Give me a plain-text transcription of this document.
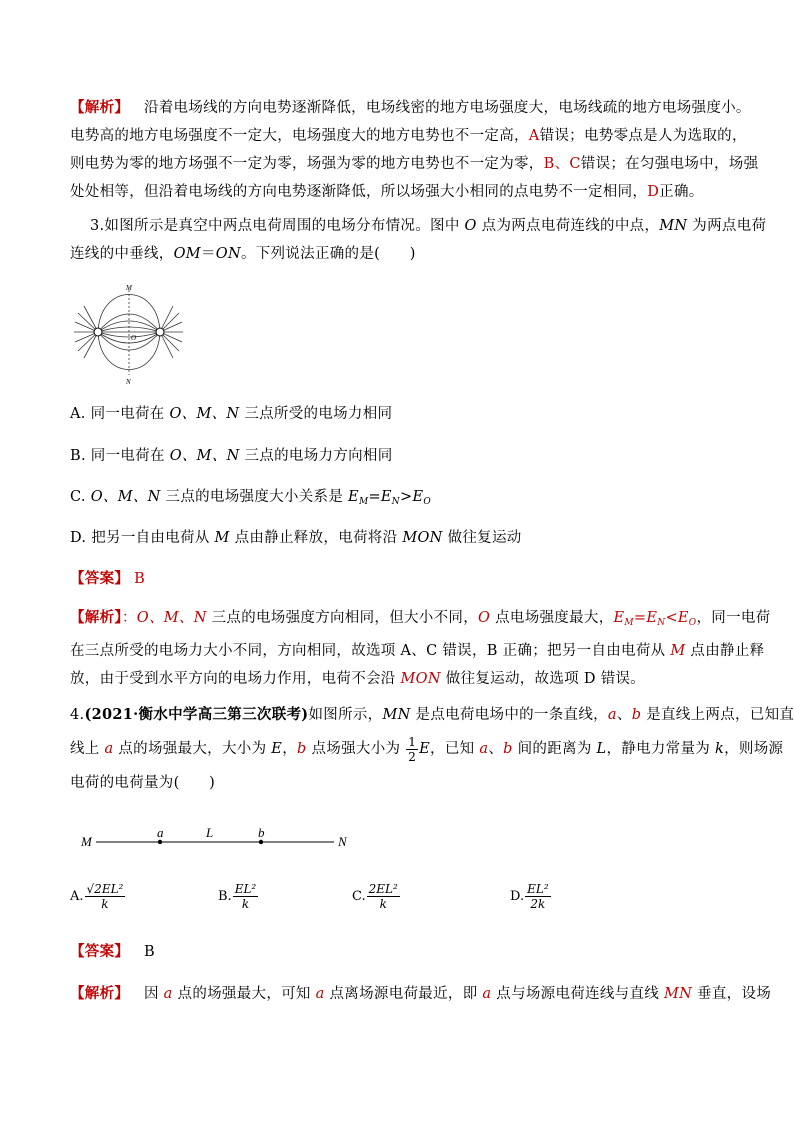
【解析】 沿着电场线的方向电势逐渐降低，电场线密的地方电场强度大，电场线疏的地方电场强度小。
电势高的地方电场强度不一定大，电场强度大的地方电势也不一定高，A错误；电势零点是人为选取的，
则电势为零的地方场强不一定为零，场强为零的地方电势也不一定为零，B、C错误；在匀强电场中，场强
处处相等，但沿着电场线的方向电势逐渐降低，所以场强大小相同的点电势不一定相同，D正确。
3.如图所示是真空中两点电荷周围的电场分布情况。图中 O 点为两点电荷连线的中点，MN 为两点电荷
连线的中垂线，OM＝ON。下列说法正确的是(　　)
M
O
N
A. 同一电荷在 O、M、N 三点所受的电场力相同
B. 同一电荷在 O、M、N 三点的电场力方向相同
C. O、M、N 三点的电场强度大小关系是 $E_M=E_N>E_O$
D. 把另一自由电荷从 M 点由静止释放，电荷将沿 MON 做往复运动
【答案】 B
【解析】：O、M、N 三点的电场强度方向相同，但大小不同，O 点电场强度最大，$E_M=E_N<E_O$，同一电荷
在三点所受的电场力大小不同，方向相同，故选项 A、C 错误，B 正确；把另一自由电荷从 M 点由静止释
放，由于受到水平方向的电场力作用，电荷不会沿 MON 做往复运动，故选项 D 错误。
4.(2021·衡水中学高三第三次联考)如图所示，MN 是点电荷电场中的一条直线，a、b 是直线上两点，已知直
线上 a 点的场强最大，大小为 E，b 点场强大小为 $\frac{1}{2}$ E，已知 a、b 间的距离为 L，静电力常量为 k，则场源
电荷的电荷量为(　　)
M
a	L	b
N
A. $\frac{\text{√2EL²}}{k}$	B. $\frac{\text{EL²}}{k}$	C. $\frac{\text{2EL²}}{k}$	D. $\frac{\text{EL²}}{2k}$
【答案】 B
【解析】 因 a 点的场强最大，可知 a 点离场源电荷最近，即 a 点与场源电荷连线与直线 MN 垂直，设场
